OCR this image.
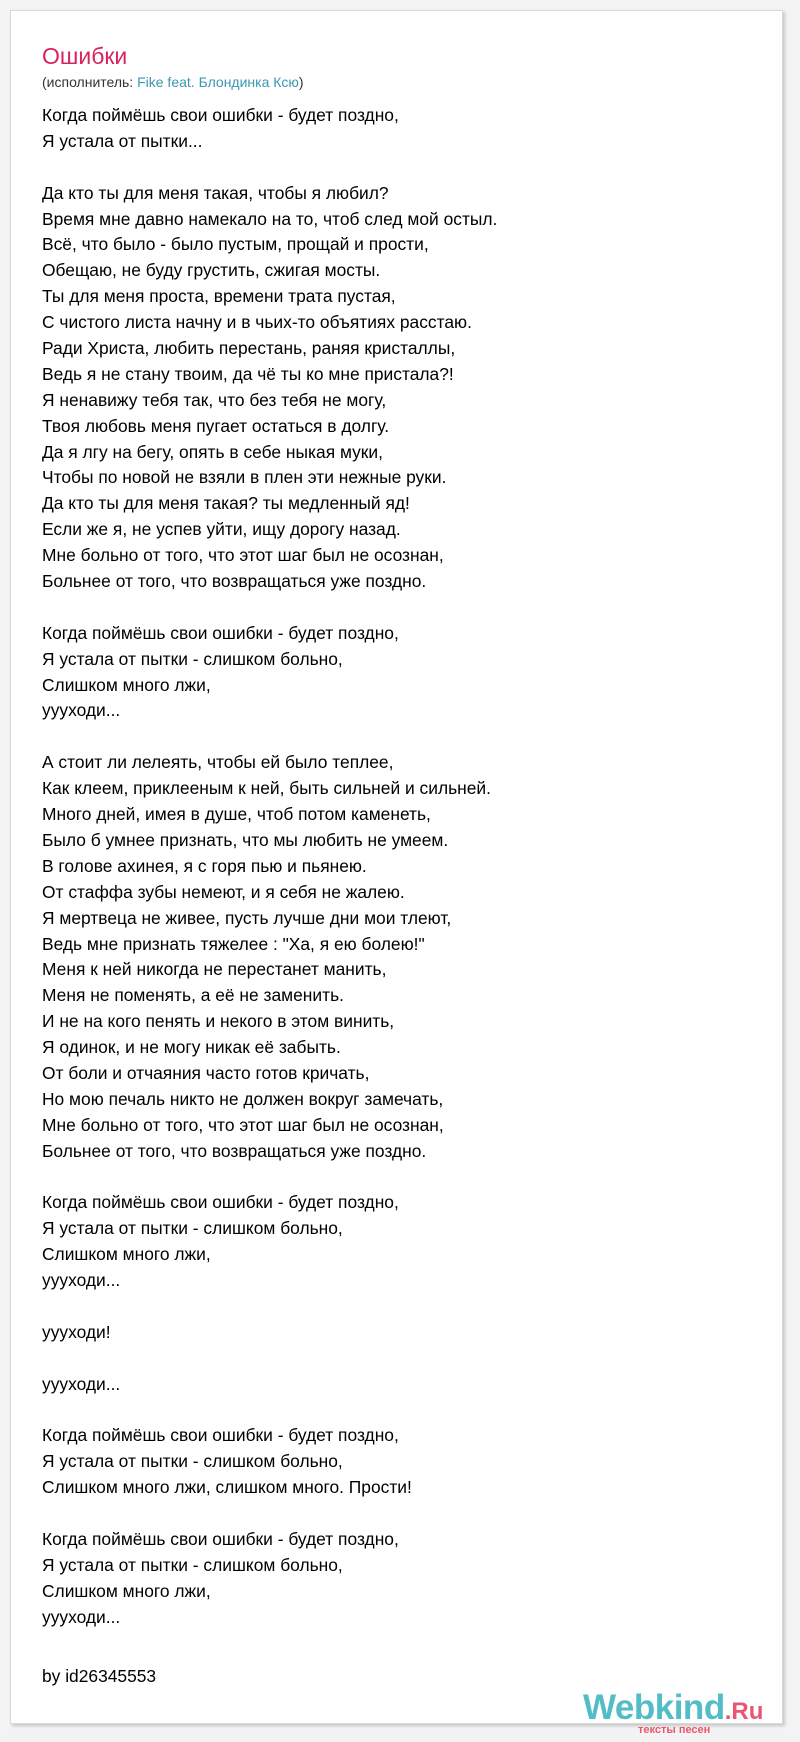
Ошибки
(исполнитель: Fike feat. Блондинка Ксю)
Когда поймёшь свои ошибки - будет поздно,
Я устала от пытки...
Да кто ты для меня такая, чтобы я любил?
Время мне давно намекало на то, чтоб след мой остыл.
Всё, что было - было пустым, прощай и прости,
Обещаю, не буду грустить, сжигая мосты.
Ты для меня проста, времени трата пустая,
С чистого листа начну и в чьих-то объятиях расстаю.
Ради Христа, любить перестань, раняя кристаллы,
Ведь я не стану твоим, да чё ты ко мне пристала?!
Я ненавижу тебя так, что без тебя не могу,
Твоя любовь меня пугает остаться в долгу.
Да я лгу на бегу, опять в себе ныкая муки,
Чтобы по новой не взяли в плен эти нежные руки.
Да кто ты для меня такая? ты медленный яд!
Если же я, не успев уйти, ищу дорогу назад.
Мне больно от того, что этот шаг был не осознан,
Больнее от того, что возвращаться уже поздно.
Когда поймёшь свои ошибки - будет поздно,
Я устала от пытки - слишком больно,
Слишком много лжи,
уууходи...
А стоит ли лелеять, чтобы ей было теплее,
Как клеем, приклееным к ней, быть сильней и сильней.
Много дней, имея в душе, чтоб потом каменеть,
Было б умнее признать, что мы любить не умеем.
В голове ахинея, я с горя пью и пьянею.
От стаффа зубы немеют, и я себя не жалею.
Я мертвеца не живее, пусть лучше дни мои тлеют,
Ведь мне признать тяжелее : "Ха, я ею болею!"
Меня к ней никогда не перестанет манить,
Меня не поменять, а её не заменить.
И не на кого пенять и некого в этом винить,
Я одинок, и не могу никак её забыть.
От боли и отчаяния часто готов кричать,
Но мою печаль никто не должен вокруг замечать,
Мне больно от того, что этот шаг был не осознан,
Больнее от того, что возвращаться уже поздно.
Когда поймёшь свои ошибки - будет поздно,
Я устала от пытки - слишком больно,
Слишком много лжи,
уууходи...
уууходи!
уууходи...
Когда поймёшь свои ошибки - будет поздно,
Я устала от пытки - слишком больно,
Слишком много лжи, слишком много. Прости!
Когда поймёшь свои ошибки - будет поздно,
Я устала от пытки - слишком больно,
Слишком много лжи,
уууходи...
by id26345553
Webkind.Ru
тексты песен
